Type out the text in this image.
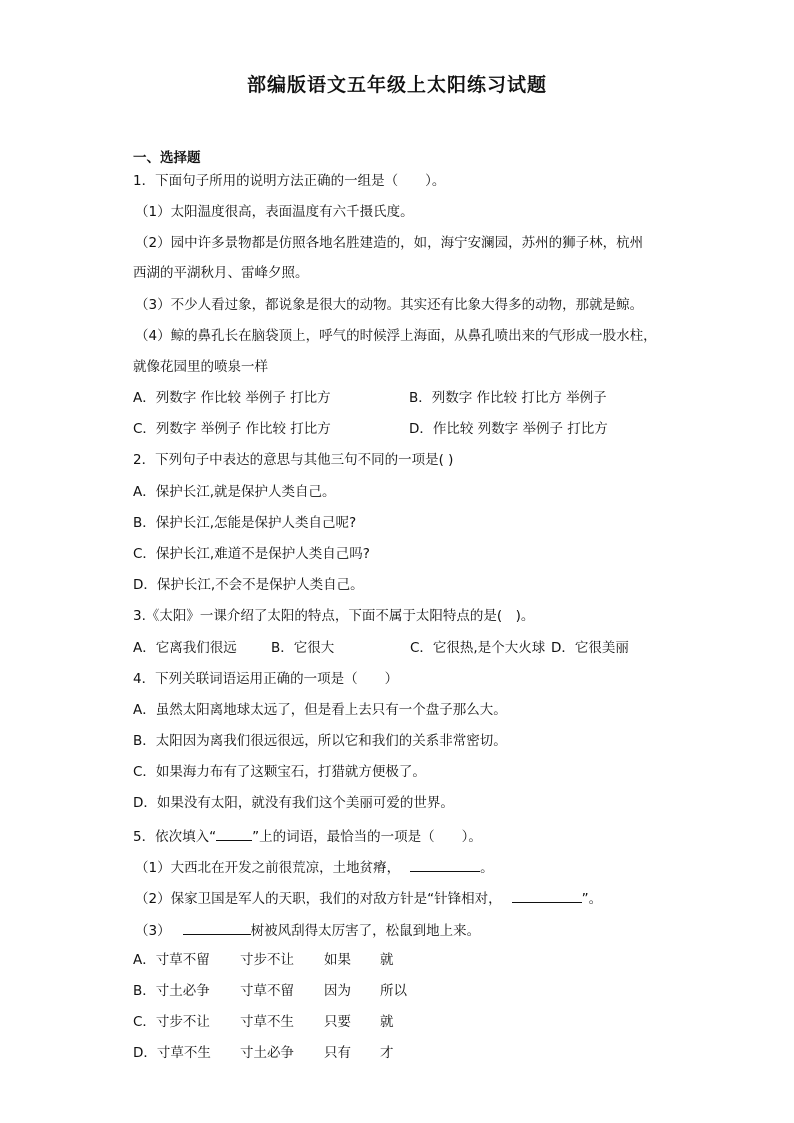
部编版语文五年级上太阳练习试题
一、选择题
1．下面句子所用的说明方法正确的一组是（　　）。
（1）太阳温度很高，表面温度有六千摄氏度。
（2）园中许多景物都是仿照各地名胜建造的，如，海宁安澜园，苏州的狮子林，杭州
西湖的平湖秋月、雷峰夕照。
（3）不少人看过象，都说象是很大的动物。其实还有比象大得多的动物，那就是鲸。
（4）鲸的鼻孔长在脑袋顶上，呼气的时候浮上海面，从鼻孔喷出来的气形成一股水柱，
就像花园里的喷泉一样
A．列数字 作比较 举例子 打比方	B．列数字 作比较 打比方 举例子
C．列数字 举例子 作比较 打比方	D．作比较 列数字 举例子 打比方
2．下列句子中表达的意思与其他三句不同的一项是( )
A．保护长江,就是保护人类自己。
B．保护长江,怎能是保护人类自己呢?
C．保护长江,难道不是保护人类自己吗?
D．保护长江,不会不是保护人类自己。
3.《太阳》一课介绍了太阳的特点，下面不属于太阳特点的是(　)。
A．它离我们很远	B．它很大	C．它很热,是个大火球 D．它很美丽
4．下列关联词语运用正确的一项是（　　）
A．虽然太阳离地球太远了，但是看上去只有一个盘子那么大。
B．太阳因为离我们很远很远，所以它和我们的关系非常密切。
C．如果海力布有了这颗宝石，打猎就方便极了。
D．如果没有太阳，就没有我们这个美丽可爱的世界。
5．依次填入“	”上的词语，最恰当的一项是（　　）。
（1）大西北在开发之前很荒凉，土地贫瘠，	。
（2）保家卫国是军人的天职，我们的对敌方针是“针锋相对，	”。
（3）	树被风刮得太厉害了，松鼠到地上来。
A．寸草不留 寸步不让 如果 就
B．寸土必争 寸草不留 因为 所以
C．寸步不让 寸草不生 只要 就
D．寸草不生 寸土必争 只有 才
